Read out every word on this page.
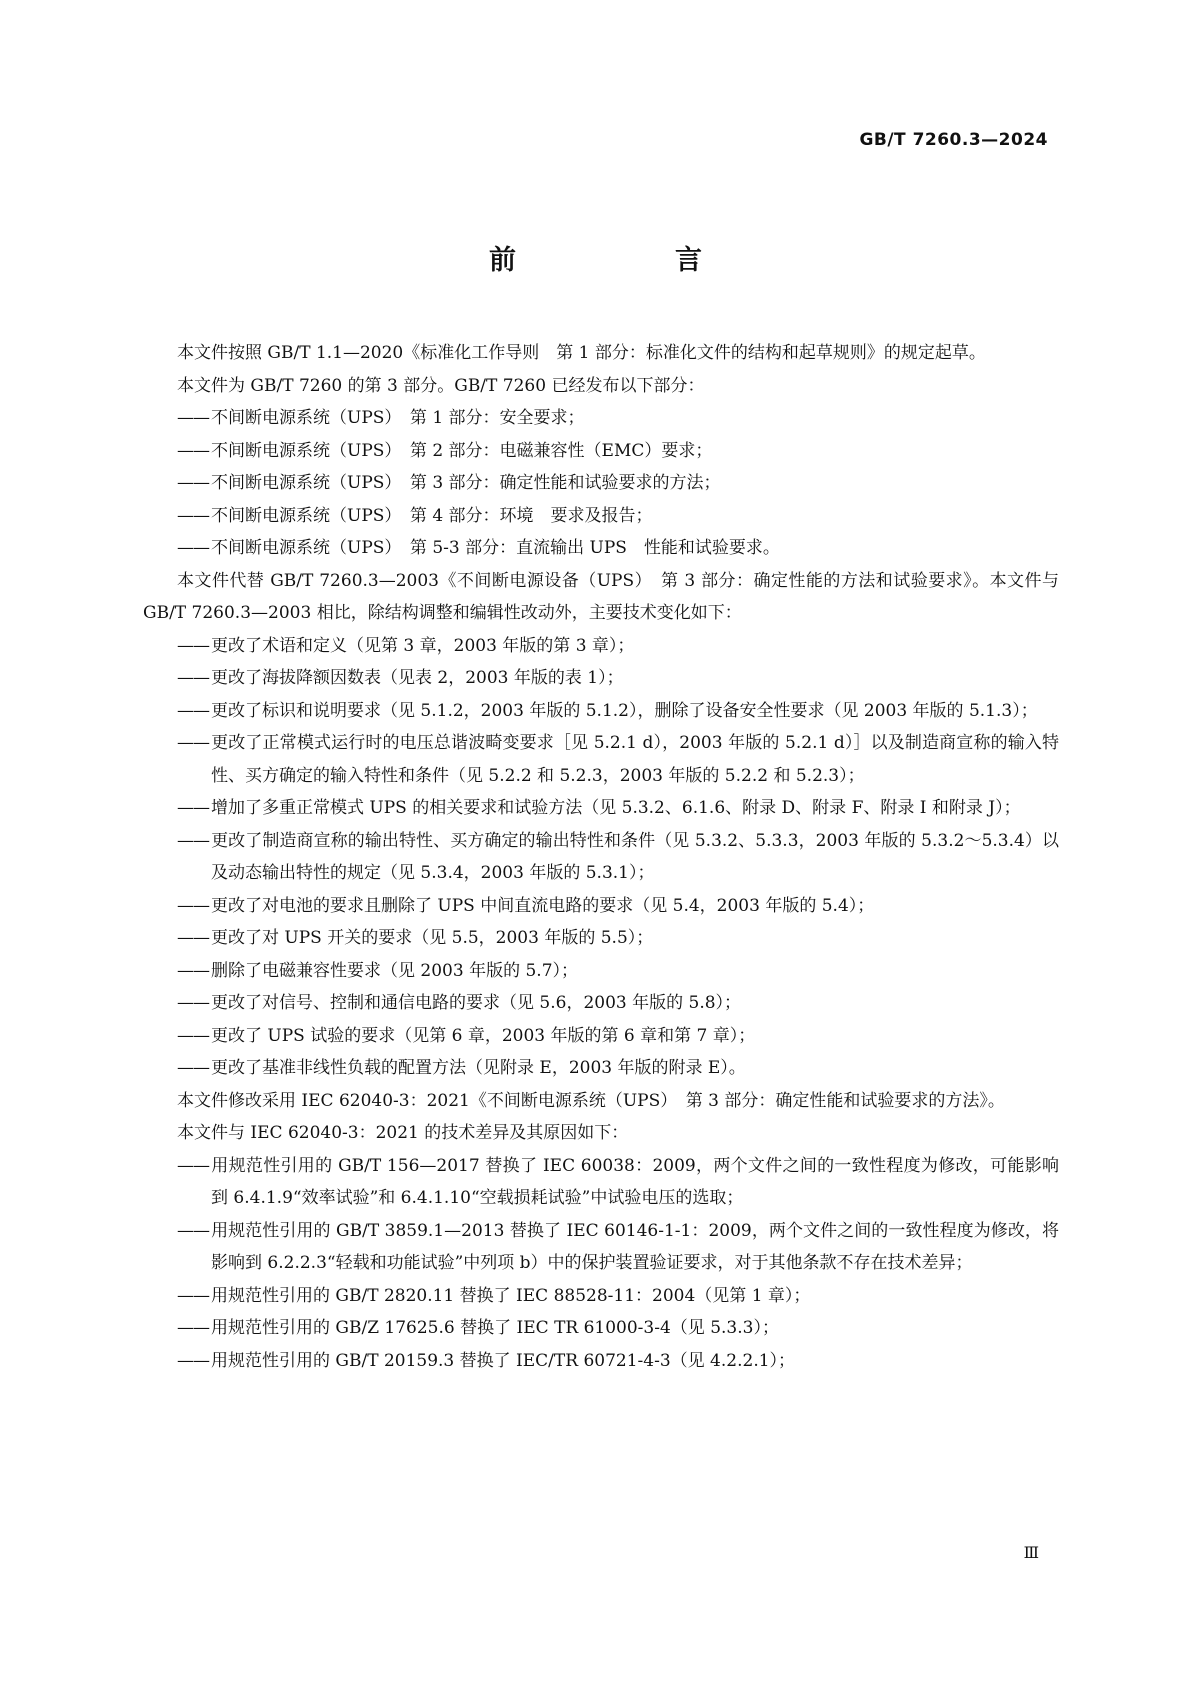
GB/T 7260.3—2024
前　言

本文件按照 GB/T 1.1—2020《标准化工作导则　第 1 部分：标准化文件的结构和起草规则》的规定起草。

本文件为 GB/T 7260 的第 3 部分。GB/T 7260 已经发布以下部分：

—— 不间断电源系统（UPS）　第 1 部分：安全要求；

—— 不间断电源系统（UPS）　第 2 部分：电磁兼容性（EMC）要求；

—— 不间断电源系统（UPS）　第 3 部分：确定性能和试验要求的方法；

—— 不间断电源系统（UPS）　第 4 部分：环境　要求及报告；

—— 不间断电源系统（UPS）　第 5-3 部分：直流输出 UPS　性能和试验要求。

本文件代替 GB/T 7260.3—2003《不间断电源设备（UPS）　第 3 部分：确定性能的方法和试验要求》。本文件与 GB/T 7260.3—2003 相比，除结构调整和编辑性改动外，主要技术变化如下：

—— 更改了术语和定义（见第 3 章，2003 年版的第 3 章）；

—— 更改了海拔降额因数表（见表 2，2003 年版的表 1）；

—— 更改了标识和说明要求（见 5.1.2，2003 年版的 5.1.2），删除了设备安全性要求（见 2003 年版的 5.1.3）；

—— 更改了正常模式运行时的电压总谐波畸变要求［见 5.2.1 d），2003 年版的 5.2.1 d）］以及制造商宣称的输入特性、买方确定的输入特性和条件（见 5.2.2 和 5.2.3，2003 年版的 5.2.2 和 5.2.3）；

—— 增加了多重正常模式 UPS 的相关要求和试验方法（见 5.3.2、6.1.6、附录 D、附录 F、附录 I 和附录 J）；

—— 更改了制造商宣称的输出特性、买方确定的输出特性和条件（见 5.3.2、5.3.3，2003 年版的 5.3.2～5.3.4）以及动态输出特性的规定（见 5.3.4，2003 年版的 5.3.1）；

—— 更改了对电池的要求且删除了 UPS 中间直流电路的要求（见 5.4，2003 年版的 5.4）；

—— 更改了对 UPS 开关的要求（见 5.5，2003 年版的 5.5）；

—— 删除了电磁兼容性要求（见 2003 年版的 5.7）；

—— 更改了对信号、控制和通信电路的要求（见 5.6，2003 年版的 5.8）；

—— 更改了 UPS 试验的要求（见第 6 章，2003 年版的第 6 章和第 7 章）；

—— 更改了基准非线性负载的配置方法（见附录 E，2003 年版的附录 E）。

本文件修改采用 IEC 62040-3：2021《不间断电源系统（UPS）　第 3 部分：确定性能和试验要求的方法》。

本文件与 IEC 62040-3：2021 的技术差异及其原因如下：

—— 用规范性引用的 GB/T 156—2017 替换了 IEC 60038：2009，两个文件之间的一致性程度为修改，可能影响到 6.4.1.9“效率试验”和 6.4.1.10“空载损耗试验”中试验电压的选取；

—— 用规范性引用的 GB/T 3859.1—2013 替换了 IEC 60146-1-1：2009，两个文件之间的一致性程度为修改，将影响到 6.2.2.3“轻载和功能试验”中列项 b）中的保护装置验证要求，对于其他条款不存在技术差异；

—— 用规范性引用的 GB/T 2820.11 替换了 IEC 88528-11：2004（见第 1 章）；

—— 用规范性引用的 GB/Z 17625.6 替换了 IEC TR 61000-3-4（见 5.3.3）；

—— 用规范性引用的 GB/T 20159.3 替换了 IEC/TR 60721-4-3（见 4.2.2.1）；

Ⅲ
